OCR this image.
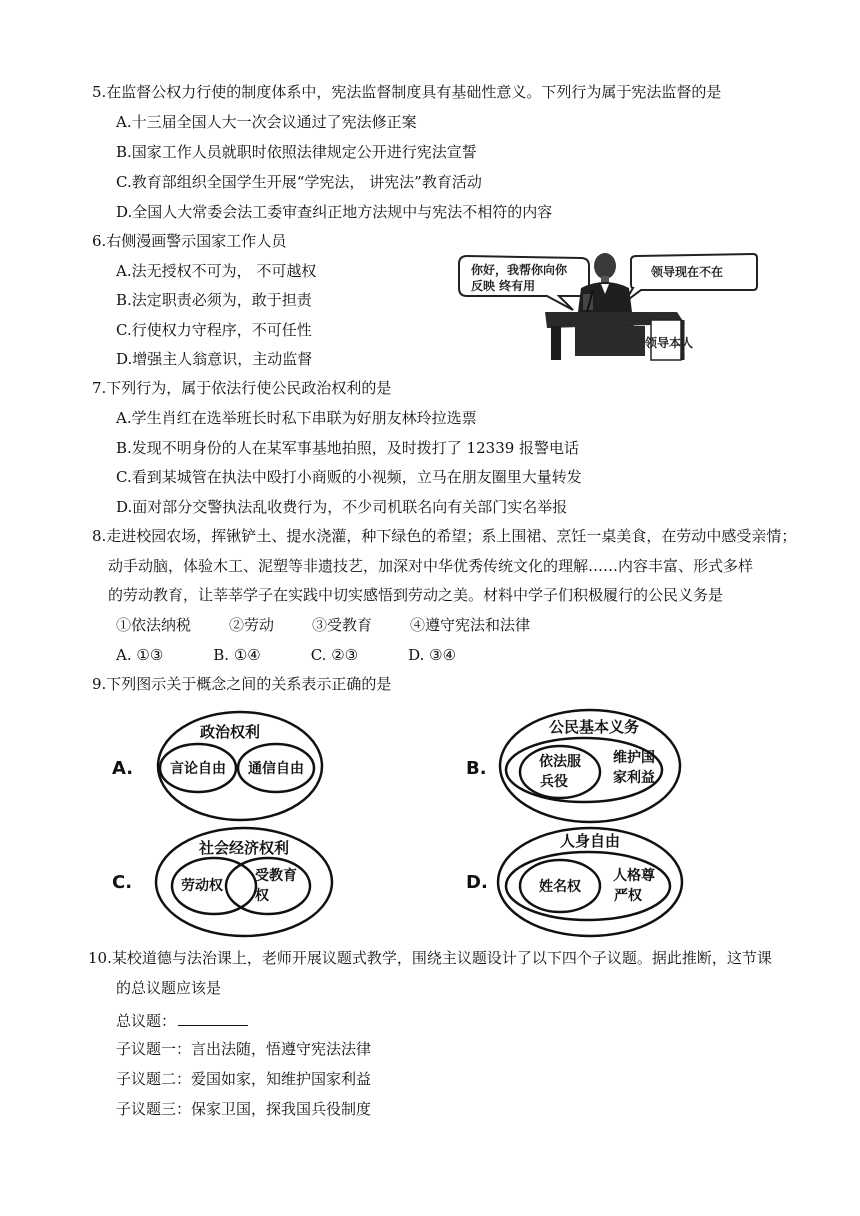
5.在监督公权力行使的制度体系中，宪法监督制度具有基础性意义。下列行为属于宪法监督的是
A.十三届全国人大一次会议通过了宪法修正案
B.国家工作人员就职时依照法律规定公开进行宪法宣誓
C.教育部组织全国学生开展“学宪法， 讲宪法”教育活动
D.全国人大常委会法工委审查纠正地方法规中与宪法不相符的内容
6.右侧漫画警示国家工作人员
A.法无授权不可为， 不可越权
B.法定职责必须为，敢于担责
C.行使权力守程序，不可任性
D.增强主人翁意识，主动监督
你好，我帮你向你
反映 终有用
领导现在不在
领导本人
7.下列行为，属于依法行使公民政治权利的是
A.学生肖红在选举班长时私下串联为好朋友林玲拉选票
B.发现不明身份的人在某军事基地拍照，及时拨打了 12339 报警电话
C.看到某城管在执法中殴打小商贩的小视频，立马在朋友圈里大量转发
D.面对部分交警执法乱收费行为，不少司机联名向有关部门实名举报
8.走进校园农场，挥锹铲土、提水浇灌，种下绿色的希望；系上围裙、烹饪一桌美食，在劳动中感受亲情；
动手动脑，体验木工、泥塑等非遗技艺，加深对中华优秀传统文化的理解……内容丰富、形式多样
的劳动教育，让莘莘学子在实践中切实感悟到劳动之美。材料中学子们积极履行的公民义务是
①依法纳税	②劳动	③受教育	④遵守宪法和法律
A. ①③	B. ①④	C. ②③	D. ③④
9.下列图示关于概念之间的关系表示正确的是
A.
政治权利
言论自由 通信自由	B.
公民基本义务
依法服
兵役
维护国
家利益
C.
社会经济权利
劳动权
受教育
权
D.
人身自由
姓名权
人格尊
严权
10.某校道德与法治课上，老师开展议题式教学，围绕主议题设计了以下四个子议题。据此推断，这节课
的总议题应该是
总议题：
子议题一：言出法随，悟遵守宪法法律
子议题二：爱国如家，知维护国家利益
子议题三：保家卫国，探我国兵役制度
